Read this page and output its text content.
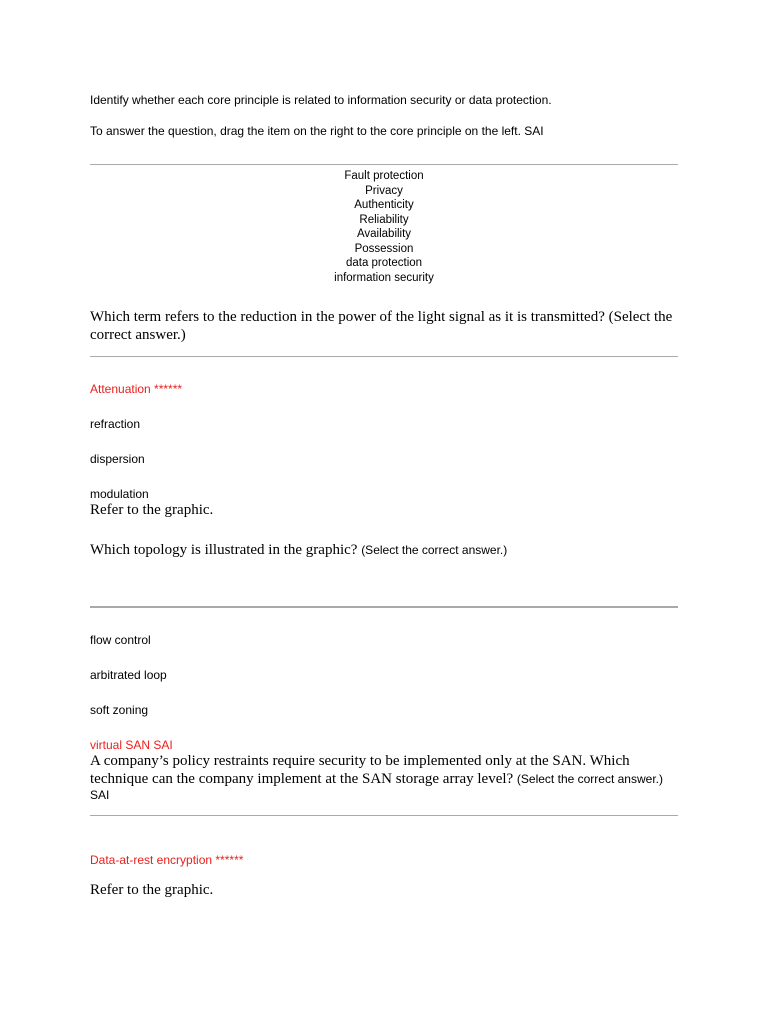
Identify whether each core principle is related to information security or data protection.
To answer the question, drag the item on the right to the core principle on the left. SAI
Fault protection
Privacy
Authenticity
Reliability
Availability
Possession
data protection
information security
Which term refers to the reduction in the power of the light signal as it is transmitted? (Select the
correct answer.)
Attenuation ******
refraction
dispersion
modulation
Refer to the graphic.
Which topology is illustrated in the graphic? (Select the correct answer.)
flow control
arbitrated loop
soft zoning
virtual SAN SAI
A company’s policy restraints require security to be implemented only at the SAN. Which
technique can the company implement at the SAN storage array level? (Select the correct answer.)
SAI
Data-at-rest encryption ******
Refer to the graphic.
